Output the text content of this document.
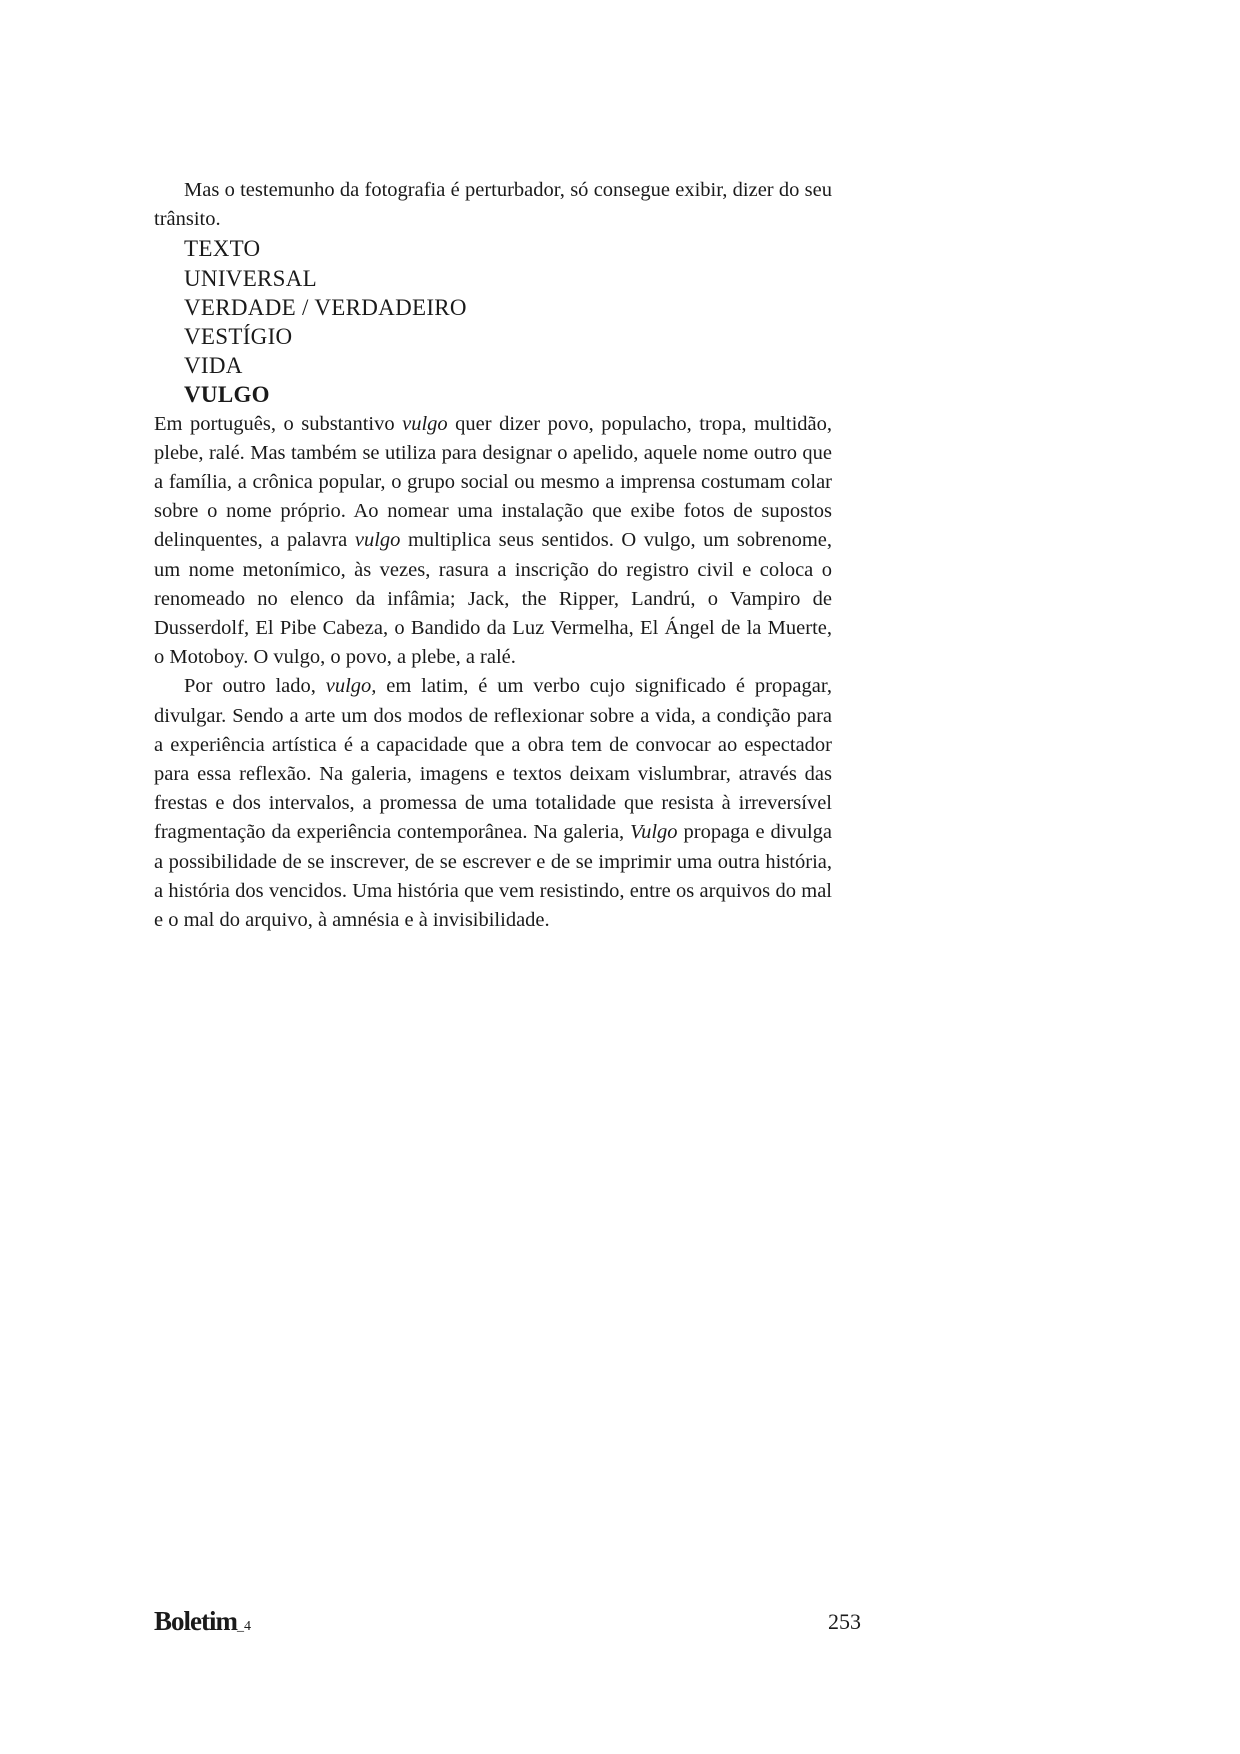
Mas o testemunho da fotografia é perturbador, só consegue exibir, dizer do seu trânsito.

TEXTO
UNIVERSAL
VERDADE / VERDADEIRO
VESTÍGIO
VIDA
VULGO

Em português, o substantivo vulgo quer dizer povo, populacho, tropa, multidão, plebe, ralé. Mas também se utiliza para designar o apelido, aquele nome outro que a família, a crônica popular, o grupo social ou mesmo a imprensa costumam colar sobre o nome próprio. Ao nomear uma instalação que exibe fotos de supostos delinquentes, a palavra vulgo multiplica seus sentidos. O vulgo, um sobrenome, um nome metonímico, às vezes, rasura a inscrição do registro civil e coloca o renomeado no elenco da infâmia; Jack, the Ripper, Landrú, o Vampiro de Dusserdolf, El Pibe Cabeza, o Bandido da Luz Vermelha, El Ángel de la Muerte, o Motoboy. O vulgo, o povo, a plebe, a ralé.

Por outro lado, vulgo, em latim, é um verbo cujo significado é propagar, divulgar. Sendo a arte um dos modos de reflexionar sobre a vida, a condição para a experiência artística é a capacidade que a obra tem de convocar ao espectador para essa reflexão. Na galeria, imagens e textos deixam vislumbrar, através das frestas e dos intervalos, a promessa de uma totalidade que resista à irreversível fragmentação da experiência contemporânea. Na galeria, Vulgo propaga e divulga a possibilidade de se inscrever, de se escrever e de se imprimir uma outra história, a história dos vencidos. Uma história que vem resistindo, entre os arquivos do mal e o mal do arquivo, à amnésia e à invisibilidade.

Boletim_4	253
